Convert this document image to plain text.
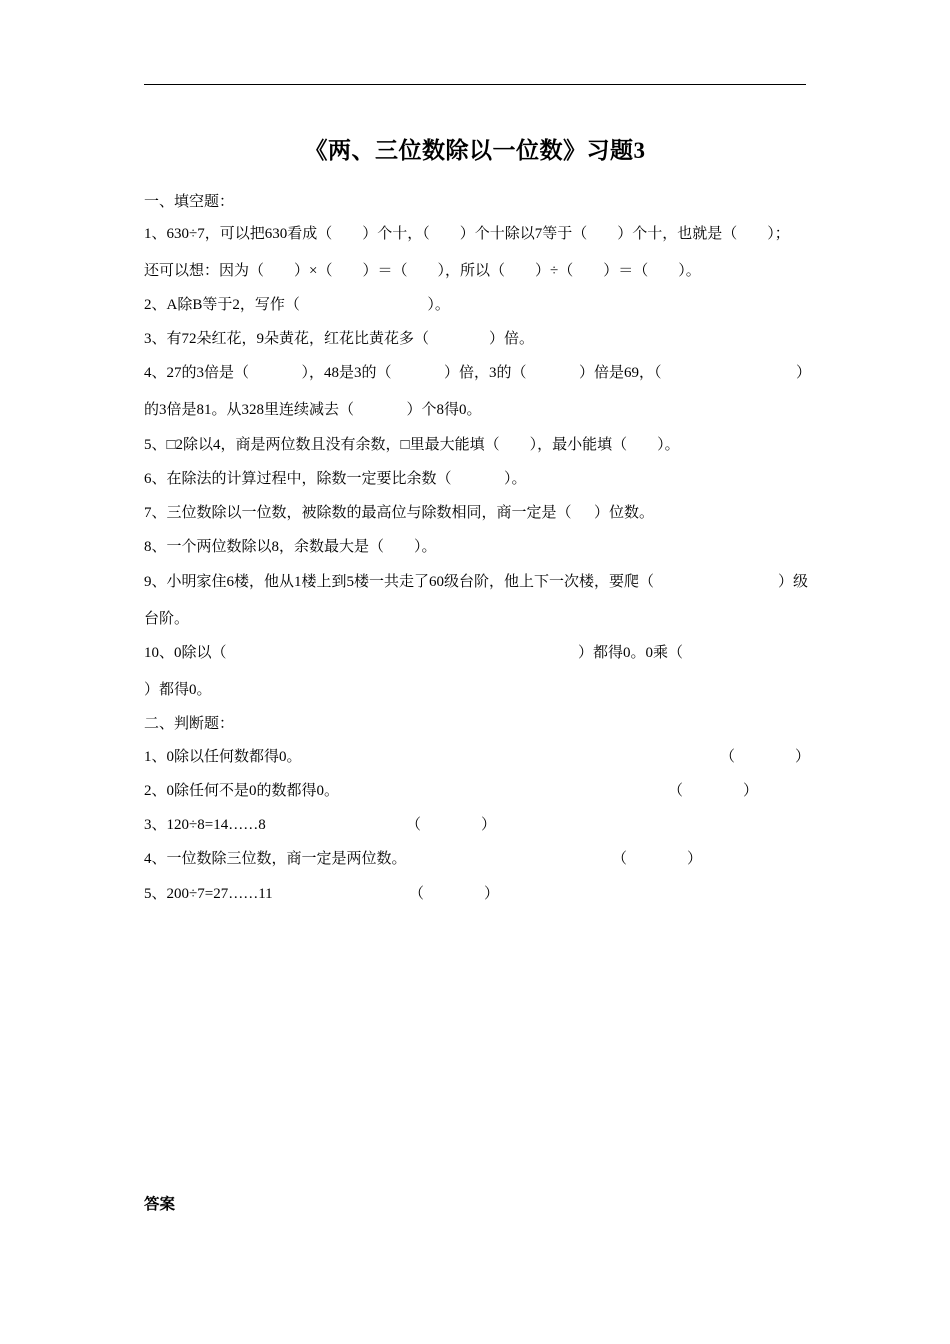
《两、三位数除以一位数》习题3
一、填空题：
1、630÷7，可以把630看成（        ）个十，（        ）个十除以7等于（        ）个十，也就是（        ）；
还可以想：因为（        ）×（        ）＝（        ），所以（        ）÷（        ）＝（        ）。
2、A除B等于2，写作（                                  ）。
3、有72朵红花，9朵黄花，红花比黄花多（                ）倍。
4、27的3倍是（              ），48是3的（              ）倍，3的（              ）倍是69，（	）
的3倍是81。从328里连续减去（              ）个8得0。
5、□2除以4，商是两位数且没有余数，□里最大能填（        ），最小能填（        ）。
6、在除法的计算过程中，除数一定要比余数（              ）。
7、三位数除以一位数，被除数的最高位与除数相同，商一定是（      ）位数。
8、一个两位数除以8，余数最大是（        ）。
9、小明家住6楼，他从1楼上到5楼一共走了60级台阶，他上下一次楼，要爬（	）级
台阶。
10、0除以（	）都得0。0乘（
）都得0。
二、判断题：
1、0除以任何数都得0。	（                ）
2、0除任何不是0的数都得0。	（                ）
3、120÷8=14……8	（                ）
4、一位数除三位数，商一定是两位数。	（                ）
5、200÷7=27……11	（                ）
答案
